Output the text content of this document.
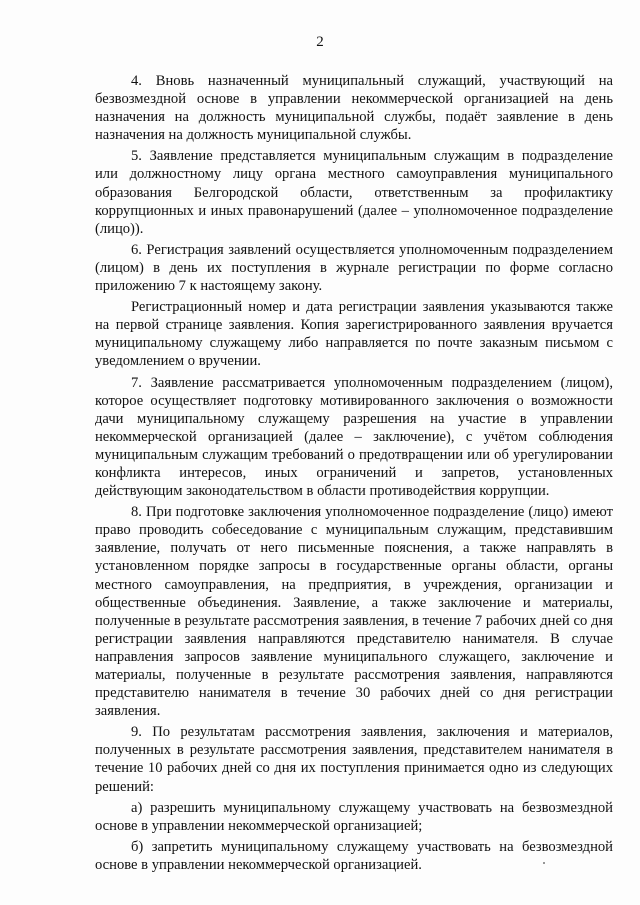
2

4. Вновь назначенный муниципальный служащий, участвующий на безвозмездной основе в управлении некоммерческой организацией на день назначения на должность муниципальной службы, подаёт заявление в день назначения на должность муниципальной службы.

5. Заявление представляется муниципальным служащим в подразделение или должностному лицу органа местного самоуправления муниципального образования Белгородской области, ответственным за профилактику коррупционных и иных правонарушений (далее – уполномоченное подразделение (лицо)).

6. Регистрация заявлений осуществляется уполномоченным подразделением (лицом) в день их поступления в журнале регистрации по форме согласно приложению 7 к настоящему закону.

Регистрационный номер и дата регистрации заявления указываются также на первой странице заявления. Копия зарегистрированного заявления вручается муниципальному служащему либо направляется по почте заказным письмом с уведомлением о вручении.

7. Заявление рассматривается уполномоченным подразделением (лицом), которое осуществляет подготовку мотивированного заключения о возможности дачи муниципальному служащему разрешения на участие в управлении некоммерческой организацией (далее – заключение), с учётом соблюдения муниципальным служащим требований о предотвращении или об урегулировании конфликта интересов, иных ограничений и запретов, установленных действующим законодательством в области противодействия коррупции.

8. При подготовке заключения уполномоченное подразделение (лицо) имеют право проводить собеседование с муниципальным служащим, представившим заявление, получать от него письменные пояснения, а также направлять в установленном порядке запросы в государственные органы области, органы местного самоуправления, на предприятия, в учреждения, организации и общественные объединения. Заявление, а также заключение и материалы, полученные в результате рассмотрения заявления, в течение 7 рабочих дней со дня регистрации заявления направляются представителю нанимателя. В случае направления запросов заявление муниципального служащего, заключение и материалы, полученные в результате рассмотрения заявления, направляются представителю нанимателя в течение 30 рабочих дней со дня регистрации заявления.

9. По результатам рассмотрения заявления, заключения и материалов, полученных в результате рассмотрения заявления, представителем нанимателя в течение 10 рабочих дней со дня их поступления принимается одно из следующих решений:

а) разрешить муниципальному служащему участвовать на безвозмездной основе в управлении некоммерческой организацией;

б) запретить муниципальному служащему участвовать на безвозмездной основе в управлении некоммерческой организацией.
